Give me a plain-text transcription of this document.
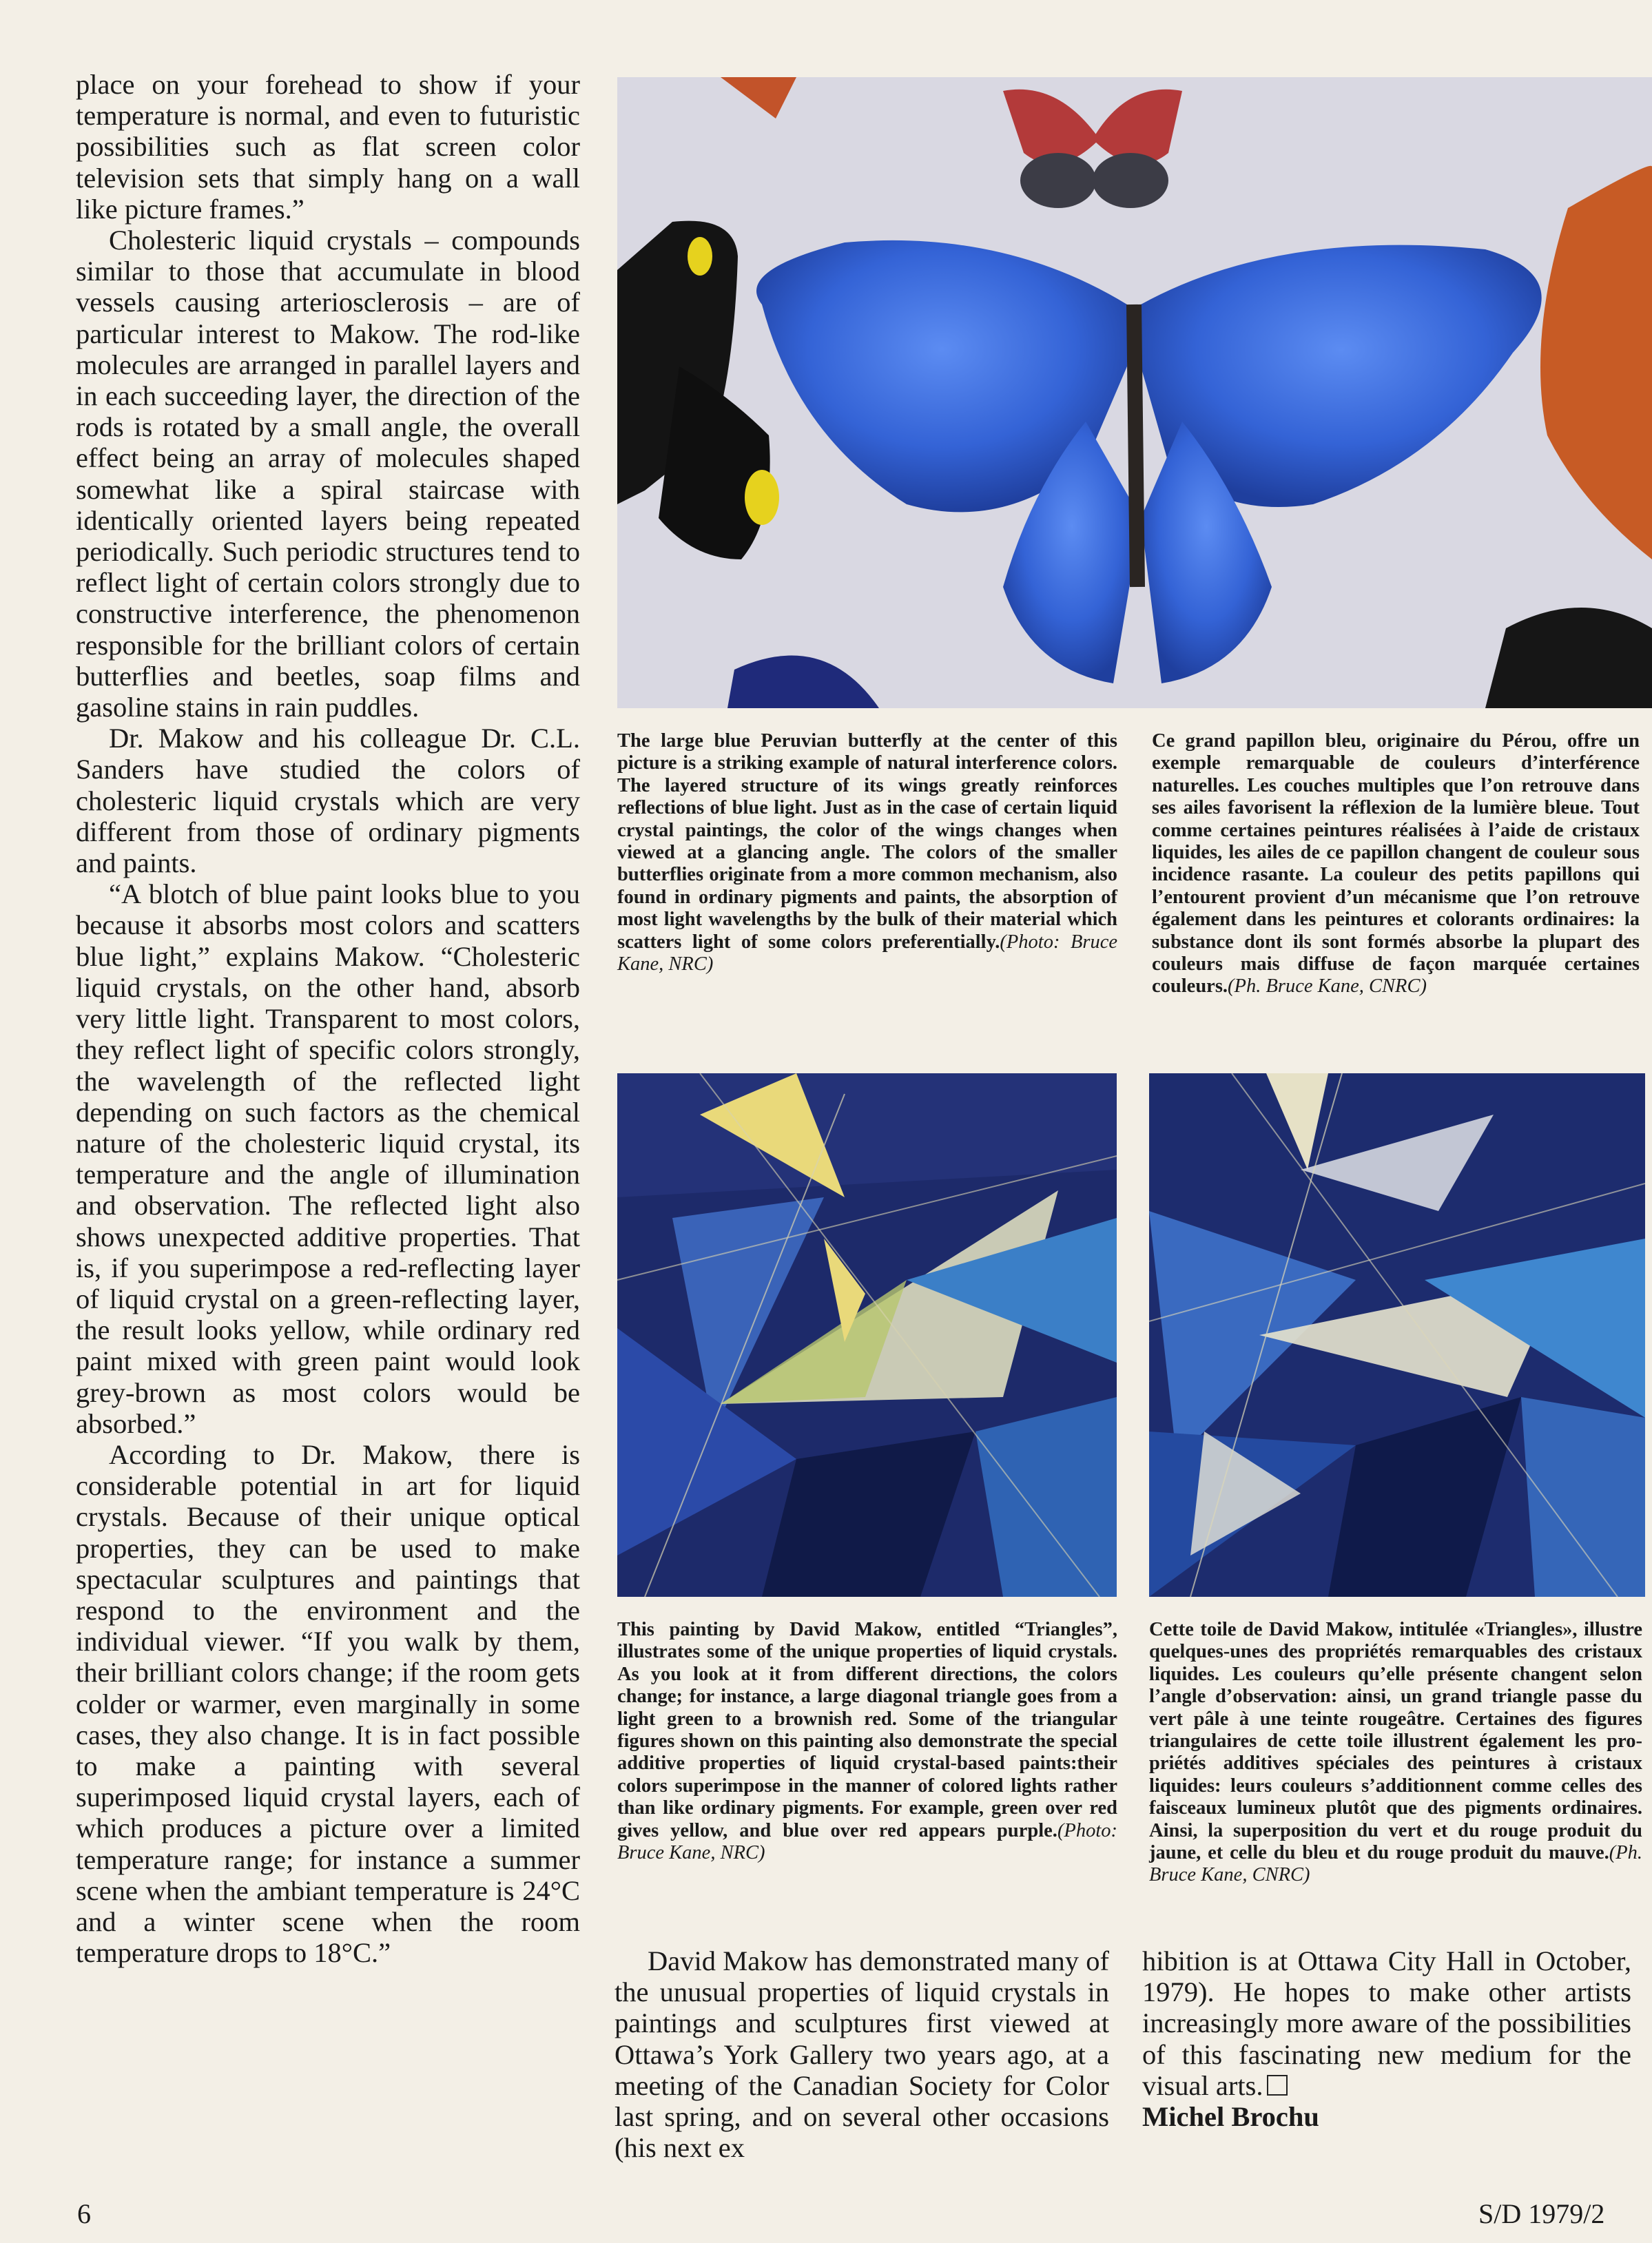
place on your forehead to show if your temperature is normal, and even to futuristic possibilities such as flat screen color television sets that simply hang on a wall like picture frames.”

Cholesteric liquid crystals – compounds similar to those that accumulate in blood vessels causing arteriosclerosis – are of particular interest to Makow. The rod-like molecules are arranged in parallel layers and in each succeeding layer, the direction of the rods is rotated by a small angle, the overall effect being an array of molecules shaped somewhat like a spiral staircase with identically oriented layers being repeated periodically. Such periodic structures tend to reflect light of certain colors strongly due to constructive interference, the phenomenon responsible for the brilliant colors of certain butterflies and beetles, soap films and gasoline stains in rain puddles.

Dr. Makow and his colleague Dr. C.L. Sanders have studied the colors of cholesteric liquid crystals which are very different from those of ordinary pigments and paints.

“A blotch of blue paint looks blue to you because it absorbs most colors and scatters blue light,” explains Makow. “Cholesteric liquid crystals, on the other hand, absorb very little light. Transparent to most colors, they reflect light of specific colors strongly, the wavelength of the reflected light depending on such factors as the chemical nature of the cholesteric liquid crystal, its temperature and the angle of illumination and observation. The reflected light also shows unexpected additive properties. That is, if you superimpose a red-reflecting layer of liquid crystal on a green-reflecting layer, the result looks yellow, while ordinary red paint mixed with green paint would look grey-brown as most colors would be absorbed.”

According to Dr. Makow, there is considerable potential in art for liquid crystals. Because of their unique optical properties, they can be used to make spectacular sculptures and paintings that respond to the environment and the individual viewer. “If you walk by them, their brilliant colors change; if the room gets colder or warmer, even marginally in some cases, they also change. It is in fact possible to make a painting with several superimposed liquid crystal layers, each of which produces a picture over a limited temperature range; for instance a summer scene when the ambiant temperature is 24°C and a winter scene when the room temperature drops to 18°C.”

The large blue Peruvian butterfly at the center of this picture is a striking example of natural interference colors. The layered structure of its wings greatly reinforces reflections of blue light. Just as in the case of certain liquid crystal paintings, the color of the wings changes when viewed at a glancing angle. The colors of the smaller butterflies originate from a more common mechanism, also found in ordinary pigments and paints, the absorption of most light wavelengths by the bulk of their material which scatters light of some colors preferentially.(Photo: Bruce Kane, NRC)
Ce grand papillon bleu, originaire du Pérou, offre un exemple remarquable de couleurs d’interférence naturelles. Les couches multiples que l’on retrouve dans ses ailes favorisent la réflexion de la lumière bleue. Tout comme certaines peintures réalisées à l’aide de cristaux liquides, les ailes de ce papillon changent de couleur sous incidence rasante. La couleur des petits papillons qui l’entourent provient d’un mécanisme que l’on retrouve également dans les peintures et colorants ordinaires: la substance dont ils sont formés absorbe la plupart des couleurs mais diffuse de façon marquée certaines couleurs.(Ph. Bruce Kane, CNRC)
This painting by David Makow, entitled “Triangles”, illustrates some of the unique properties of liquid crystals. As you look at it from different directions, the colors change; for instance, a large diagonal triangle goes from a light green to a brownish red. Some of the triangular figures shown on this painting also demonstrate the special additive properties of liquid crystal-based paints:their colors superimpose in the manner of colored lights rather than like ordinary pigments. For example, green over red gives yellow, and blue over red appears purple.(Photo: Bruce Kane, NRC)
Cette toile de David Makow, intitulée «Triangles», illustre quelques-unes des propriétés remarquables des cristaux liquides. Les couleurs qu’elle présente changent selon l’angle d’observation: ainsi, un grand triangle passe du vert pâle à une teinte rougeâtre. Certaines des figures triangulaires de cette toile illustrent également les propriétés additives spéciales des peintures à cristaux liquides: leurs couleurs s’additionnent comme celles des faisceaux lumineux plutôt que des pigments ordinaires. Ainsi, la superposition du vert et du rouge produit du jaune, et celle du bleu et du rouge produit du mauve.(Ph. Bruce Kane, CNRC)

David Makow has demonstrated many of the unusual properties of liquid crystals in paintings and sculptures first viewed at Ottawa’s York Gallery two years ago, at a meeting of the Canadian Society for Color last spring, and on several other occasions (his next ex

hibition is at Ottawa City Hall in October, 1979). He hopes to make other artists increasingly more aware of the possibilities of this fascinating new medium for the visual arts.

Michel Brochu

6	S/D 1979/2
